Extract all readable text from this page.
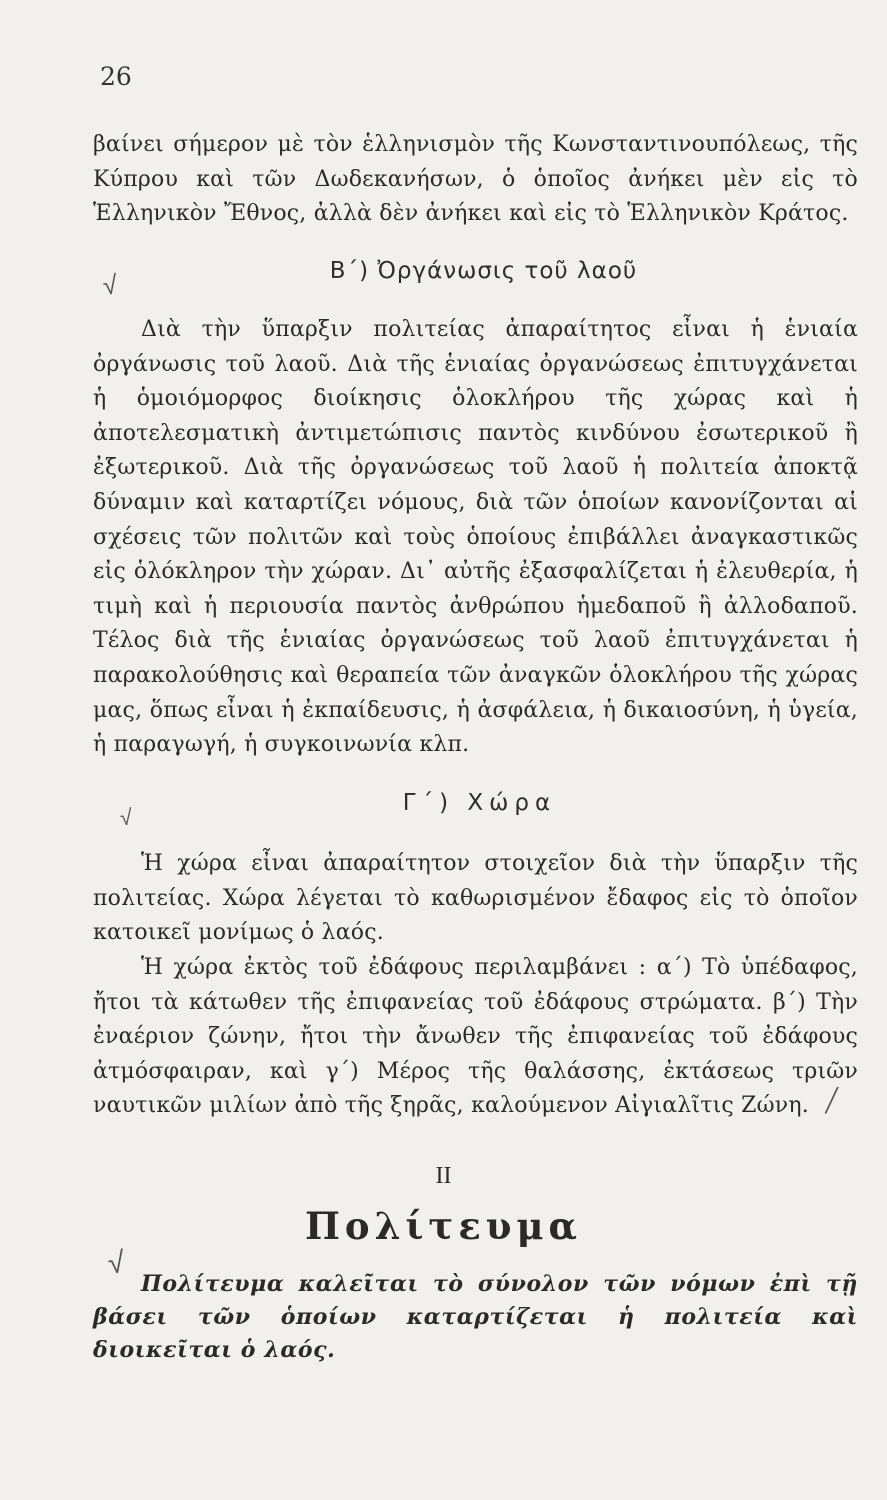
26

βαίνει σήμερον μὲ τὸν ἑλληνισμὸν τῆς Κωνσταντινουπόλεως, τῆς Κύπρου καὶ τῶν Δωδεκανήσων, ὁ ὁποῖος ἀνήκει μὲν εἰς τὸ Ἑλληνικὸν Ἔθνος, ἀλλὰ δὲν ἀνήκει καὶ εἰς τὸ Ἑλληνικὸν Κράτος.

Β΄) Ὀργάνωσις τοῦ λαοῦ
√

Διὰ τὴν ὕπαρξιν πολιτείας ἀπαραίτητος εἶναι ἡ ἑνιαία ὀργάνωσις τοῦ λαοῦ. Διὰ τῆς ἑνιαίας ὀργανώσεως ἐπιτυγχάνεται ἡ ὁμοιόμορφος διοίκησις ὁλοκλήρου τῆς χώρας καὶ ἡ ἀποτελεσματικὴ ἀντιμετώπισις παντὸς κινδύνου ἐσωτερικοῦ ἢ ἐξωτερικοῦ. Διὰ τῆς ὀργανώσεως τοῦ λαοῦ ἡ πολιτεία ἀποκτᾷ δύναμιν καὶ καταρτίζει νόμους, διὰ τῶν ὁποίων κανονίζονται αἱ σχέσεις τῶν πολιτῶν καὶ τοὺς ὁποίους ἐπιβάλλει ἀναγκαστικῶς εἰς ὁλόκληρον τὴν χώραν. Δι᾽ αὐτῆς ἐξασφαλίζεται ἡ ἐλευθερία, ἡ τιμὴ καὶ ἡ περιουσία παντὸς ἀνθρώπου ἡμεδαποῦ ἢ ἀλλοδαποῦ. Τέλος διὰ τῆς ἑνιαίας ὀργανώσεως τοῦ λαοῦ ἐπιτυγχάνεται ἡ παρακολούθησις καὶ θεραπεία τῶν ἀναγκῶν ὁλοκλήρου τῆς χώρας μας, ὅπως εἶναι ἡ ἐκπαίδευσις, ἡ ἀσφάλεια, ἡ δικαιοσύνη, ἡ ὑγεία, ἡ παραγωγή, ἡ συγκοινωνία κλπ.

Γ΄) Χώρα
√

Ἡ χώρα εἶναι ἀπαραίτητον στοιχεῖον διὰ τὴν ὕπαρξιν τῆς πολιτείας. Χώρα λέγεται τὸ καθωρισμένον ἔδαφος εἰς τὸ ὁποῖον κατοικεῖ μονίμως ὁ λαός.

Ἡ χώρα ἐκτὸς τοῦ ἐδάφους περιλαμβάνει : α΄) Τὸ ὑπέδαφος, ἤτοι τὰ κάτωθεν τῆς ἐπιφανείας τοῦ ἐδάφους στρώματα. β΄) Τὴν ἐναέριον ζώνην, ἤτοι τὴν ἄνωθεν τῆς ἐπιφανείας τοῦ ἐδάφους ἀτμόσφαιραν, καὶ γ΄) Μέρος τῆς θαλάσσης, ἐκτάσεως τριῶν ναυτικῶν μιλίων ἀπὸ τῆς ξηρᾶς, καλούμενον Αἰγιαλῖτις Ζώνη. /
II
Πολίτευμα
√

Πολίτευμα καλεῖται τὸ σύνολον τῶν νόμων ἐπὶ τῇ βάσει τῶν ὁποίων καταρτίζεται ἡ πολιτεία καὶ διοικεῖται ὁ λαός.
